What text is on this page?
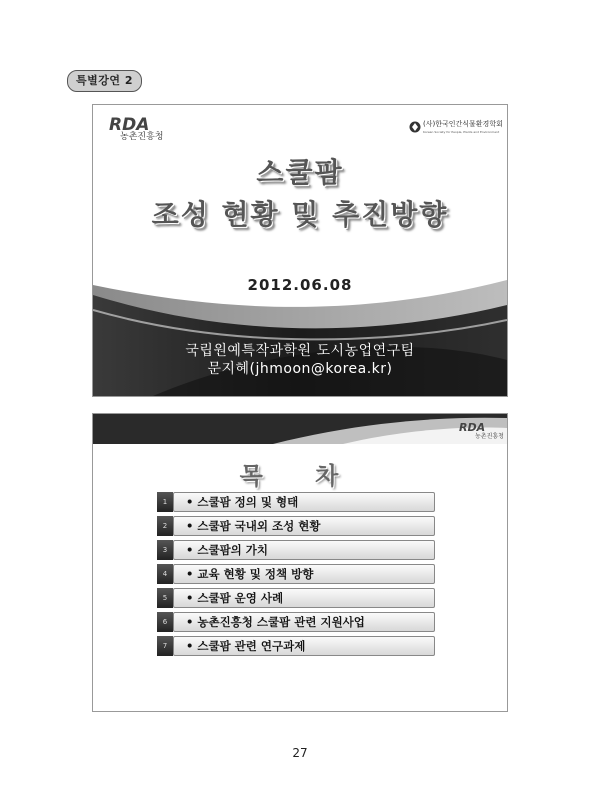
특별강연 2
RDA
농촌진흥청
(사)한국인간식물환경학회
Korean Society for People, Plants and Environment
스쿨팜
조성 현황 및 추진방향
2012.06.08
국립원예특작과학원 도시농업연구팀
문지혜(jhmoon@korea.kr)
RDA
농촌진흥청
목 차
1	• 스쿨팜 정의 및 형태
2	• 스쿨팜 국내외 조성 현황
3	• 스쿨팜의 가치
4	• 교육 현황 및 정책 방향
5	• 스쿨팜 운영 사례
6	• 농촌진흥청 스쿨팜 관련 지원사업
7	• 스쿨팜 관련 연구과제
27
